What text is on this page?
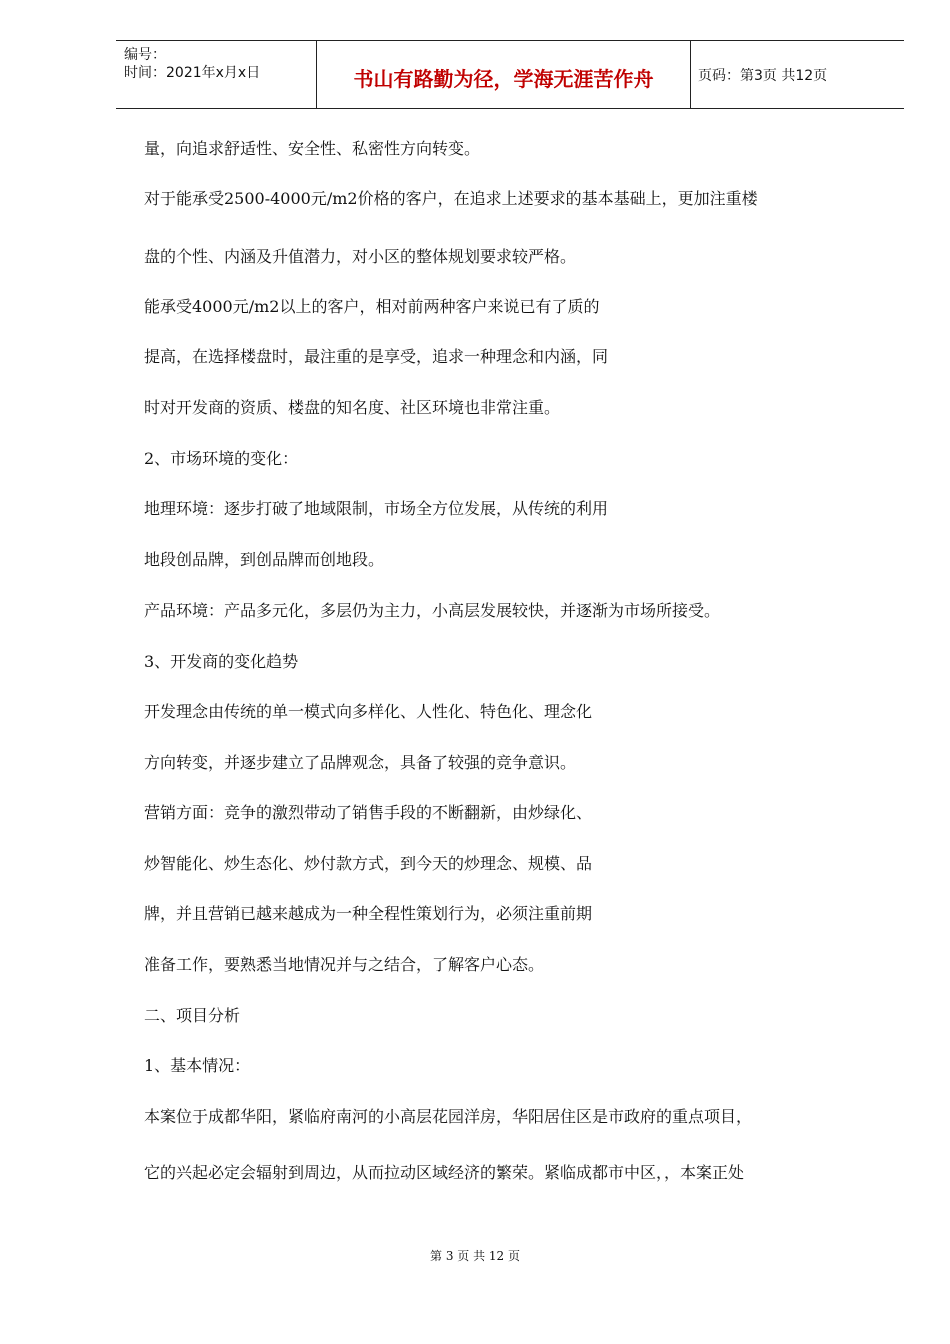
编号：
时间：2021年x月x日	书山有路勤为径，学海无涯苦作舟	页码：第3页 共12页
量，向追求舒适性、安全性、私密性方向转变。
对于能承受2500-4000元/m2价格的客户，在追求上述要求的基本基础上，更加注重楼
盘的个性、内涵及升值潜力，对小区的整体规划要求较严格。
能承受4000元/m2以上的客户，相对前两种客户来说已有了质的
提高，在选择楼盘时，最注重的是享受，追求一种理念和内涵，同
时对开发商的资质、楼盘的知名度、社区环境也非常注重。
2、市场环境的变化：
地理环境：逐步打破了地域限制，市场全方位发展，从传统的利用
地段创品牌，到创品牌而创地段。
产品环境：产品多元化，多层仍为主力，小高层发展较快，并逐渐为市场所接受。
3、开发商的变化趋势
开发理念由传统的单一模式向多样化、人性化、特色化、理念化
方向转变，并逐步建立了品牌观念，具备了较强的竞争意识。
营销方面：竞争的激烈带动了销售手段的不断翻新，由炒绿化、
炒智能化、炒生态化、炒付款方式，到今天的炒理念、规模、品
牌，并且营销已越来越成为一种全程性策划行为，必须注重前期
准备工作，要熟悉当地情况并与之结合，了解客户心态。
二、项目分析
1、基本情况：
本案位于成都华阳，紧临府南河的小高层花园洋房，华阳居住区是市政府的重点项目，
它的兴起必定会辐射到周边，从而拉动区域经济的繁荣。紧临成都市中区，，本案正处
第 3 页 共 12 页
